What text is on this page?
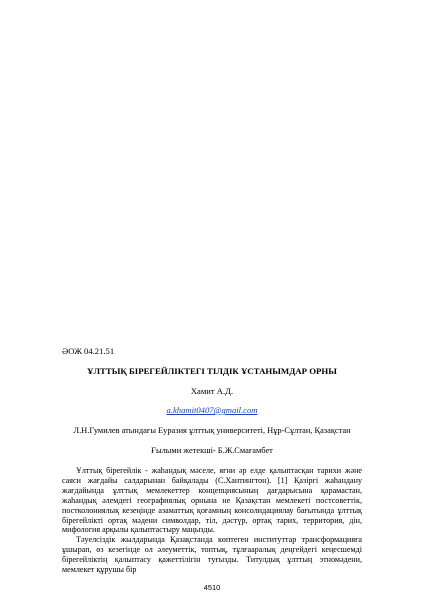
ӘОЖ 04.21.51
ҰЛТТЫҚ БІРЕГЕЙЛІКТЕГІ ТІЛДІК ҰСТАНЫМДАР ОРНЫ
Хамит А.Д.
a.khamit0407@gmail.com
Л.Н.Гумилев атындағы Еуразия ұлттық университеті, Нұр-Сұлтан, Қазақстан
Ғылыми жетекшi- Б.Ж.Смағамбет

Ұлттық бірегейлік - жаһандық мәселе, яғни әр елде қалыптасқан тарихи және саяси жағдайы салдарынан байқалады (С.Хантингтон). [1] Қазіргі жаһандану жағдайында ұлттық мемлекеттер концепциясының дағдарысына қарамастан, жаһандық әлемдегі географиялық орнына не Қазақстан мемлекеті постсоветтік, постколониялық кезеңінде азаматтық қоғамның консолидациялау бағытында ұлттық бірегейлікті ортақ мәдени символдар, тіл, дәстүр, ортақ тарих, территория, дін, мифология арқылы қалыптастыру маңызды.

Тәуелсіздік жылдарында Қазақстанда көптеген институттар трансформацияға ұшырап, өз кезегінде ол әлеуметтік, топтық, тұлғааралық деңгейдегі кеңесшемді бірегейліктің қалыптасу қажеттілігін туғызды. Титулдық ұлттың этномәдени, мемлекет құрушы бір

4510
